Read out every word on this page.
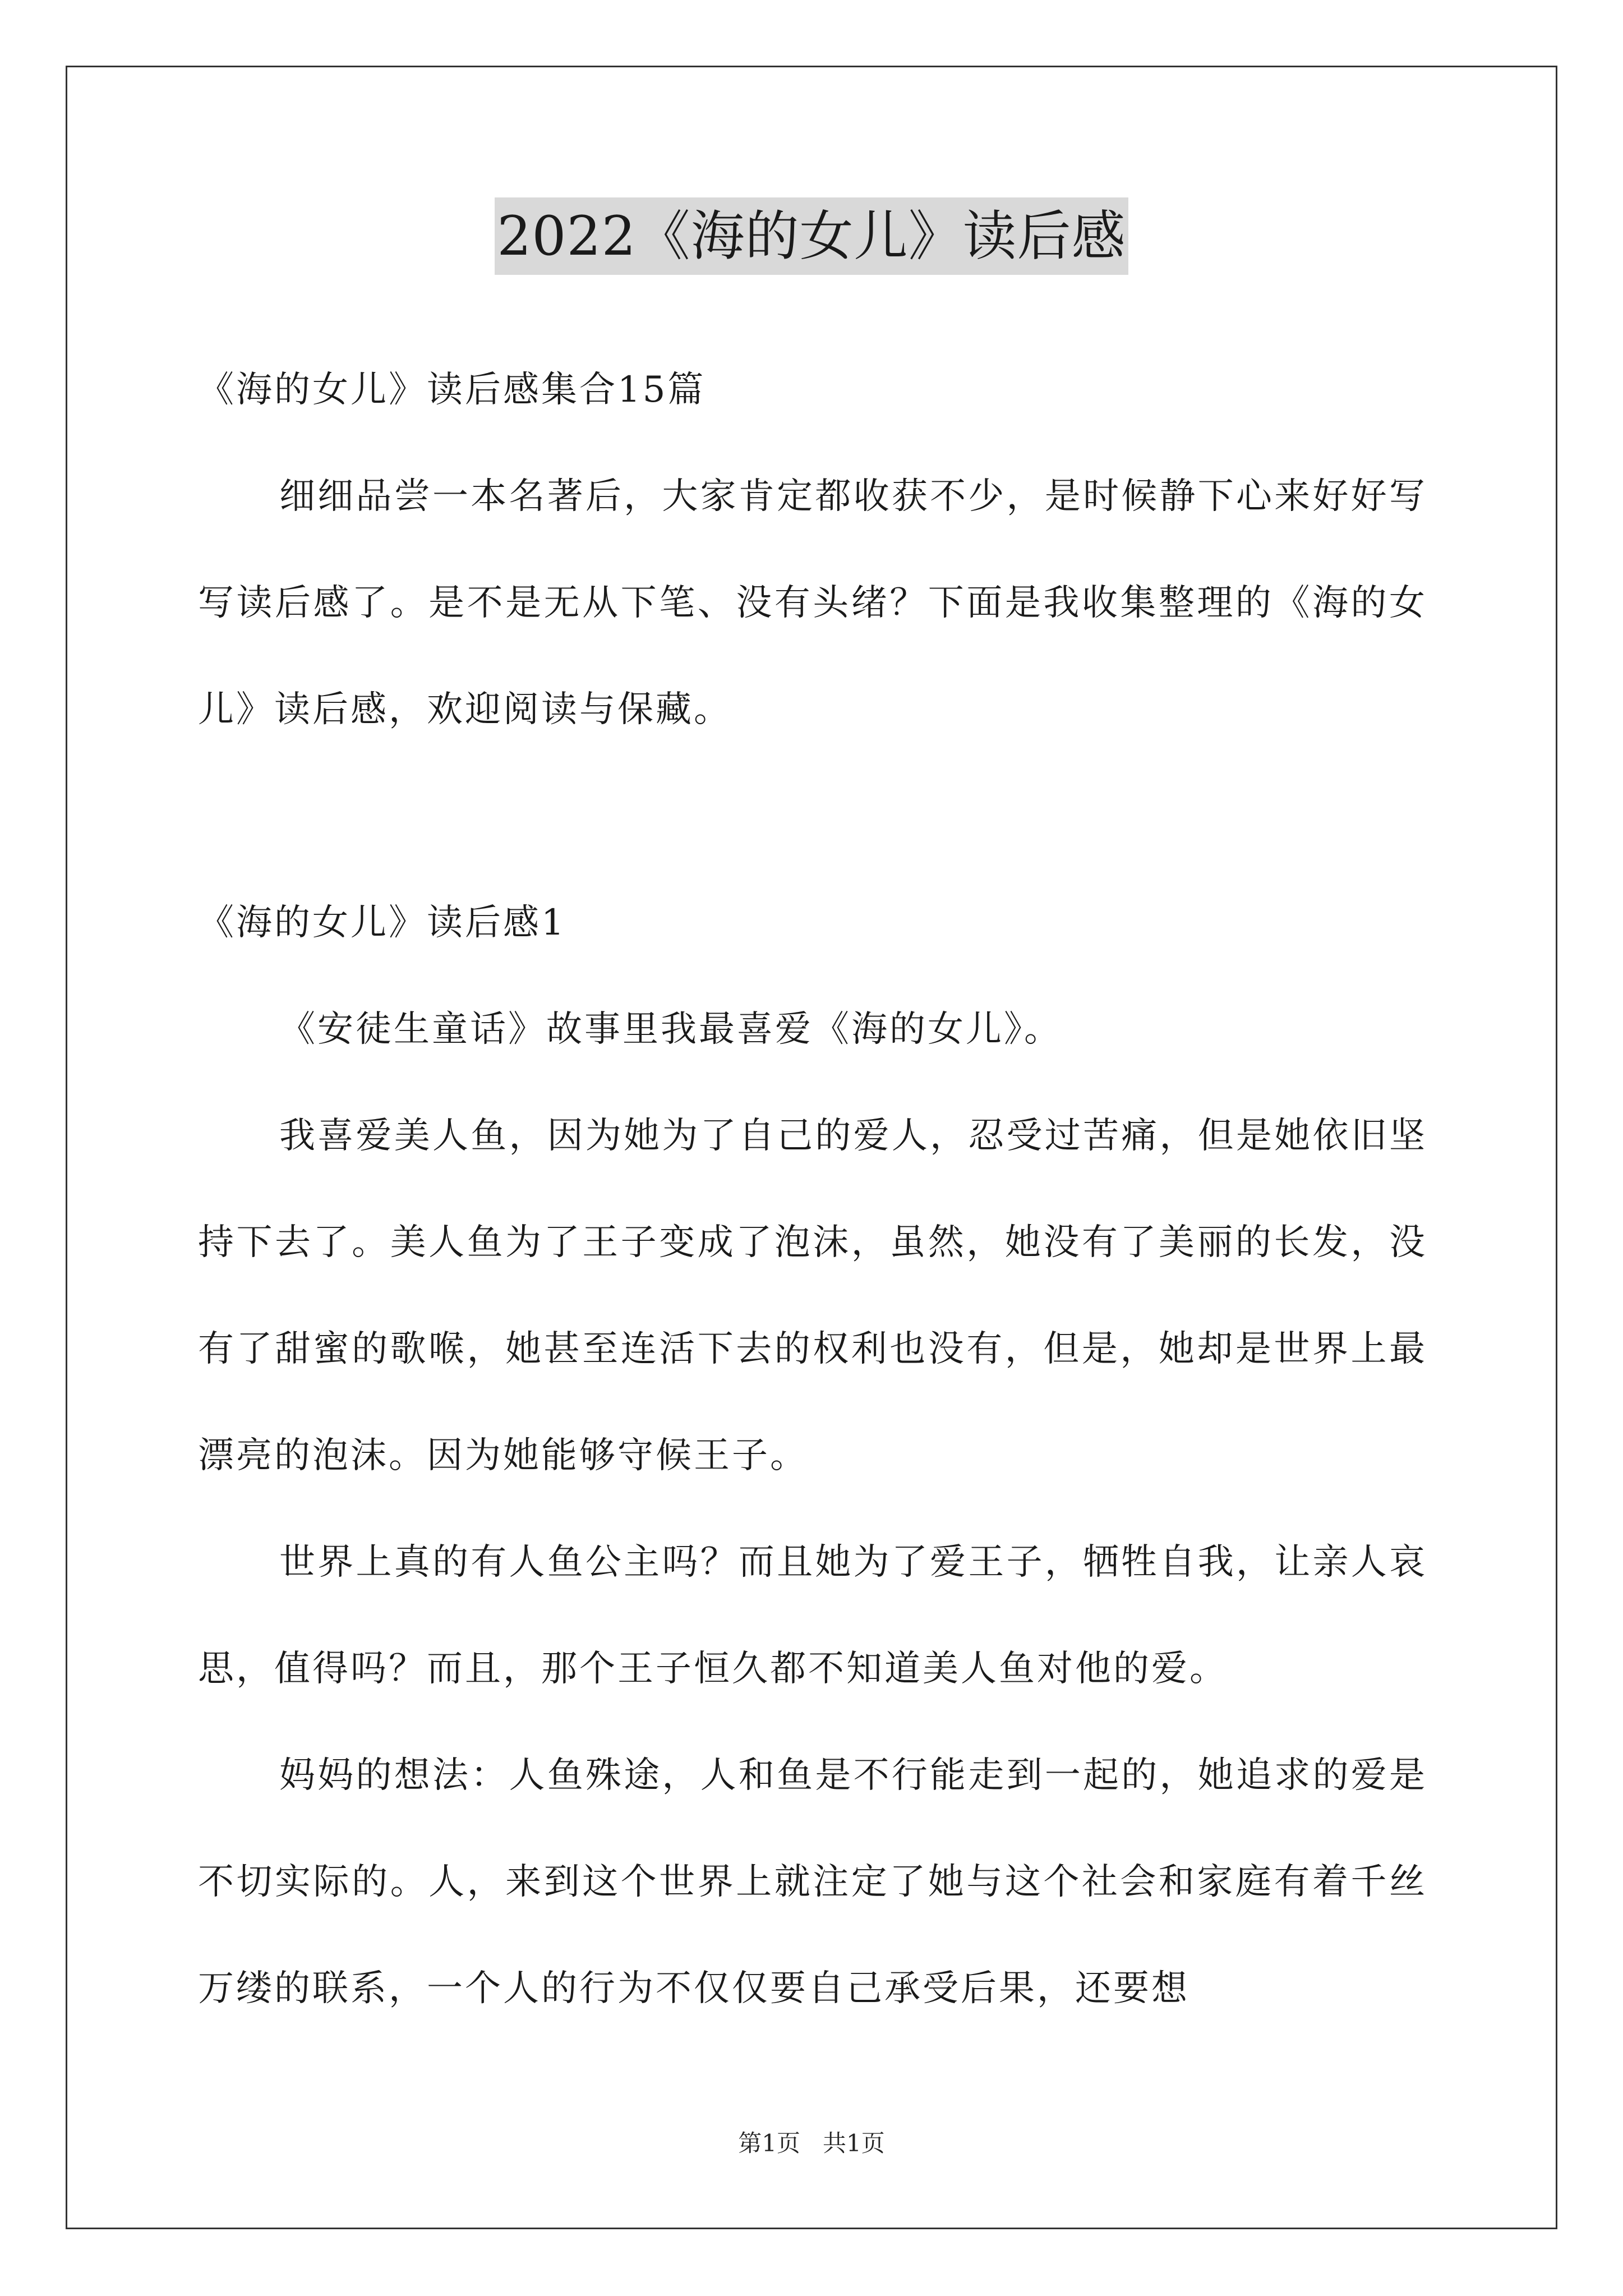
2022《海的女儿》读后感

《海的女儿》读后感集合15篇

细细品尝一本名著后，大家肯定都收获不少，是时候静下心来好好写写读后感了。是不是无从下笔、没有头绪？下面是我收集整理的《海的女儿》读后感，欢迎阅读与保藏。

《海的女儿》读后感1

《安徒生童话》故事里我最喜爱《海的女儿》。

我喜爱美人鱼，因为她为了自己的爱人，忍受过苦痛，但是她依旧坚持下去了。美人鱼为了王子变成了泡沫，虽然，她没有了美丽的长发，没有了甜蜜的歌喉，她甚至连活下去的权利也没有，但是，她却是世界上最漂亮的泡沫。因为她能够守候王子。

世界上真的有人鱼公主吗？而且她为了爱王子，牺牲自我，让亲人哀思，值得吗？而且，那个王子恒久都不知道美人鱼对他的爱。

妈妈的想法：人鱼殊途，人和鱼是不行能走到一起的，她追求的爱是不切实际的。人，来到这个世界上就注定了她与这个社会和家庭有着千丝万缕的联系，一个人的行为不仅仅要自己承受后果，还要想

第1页   共1页
